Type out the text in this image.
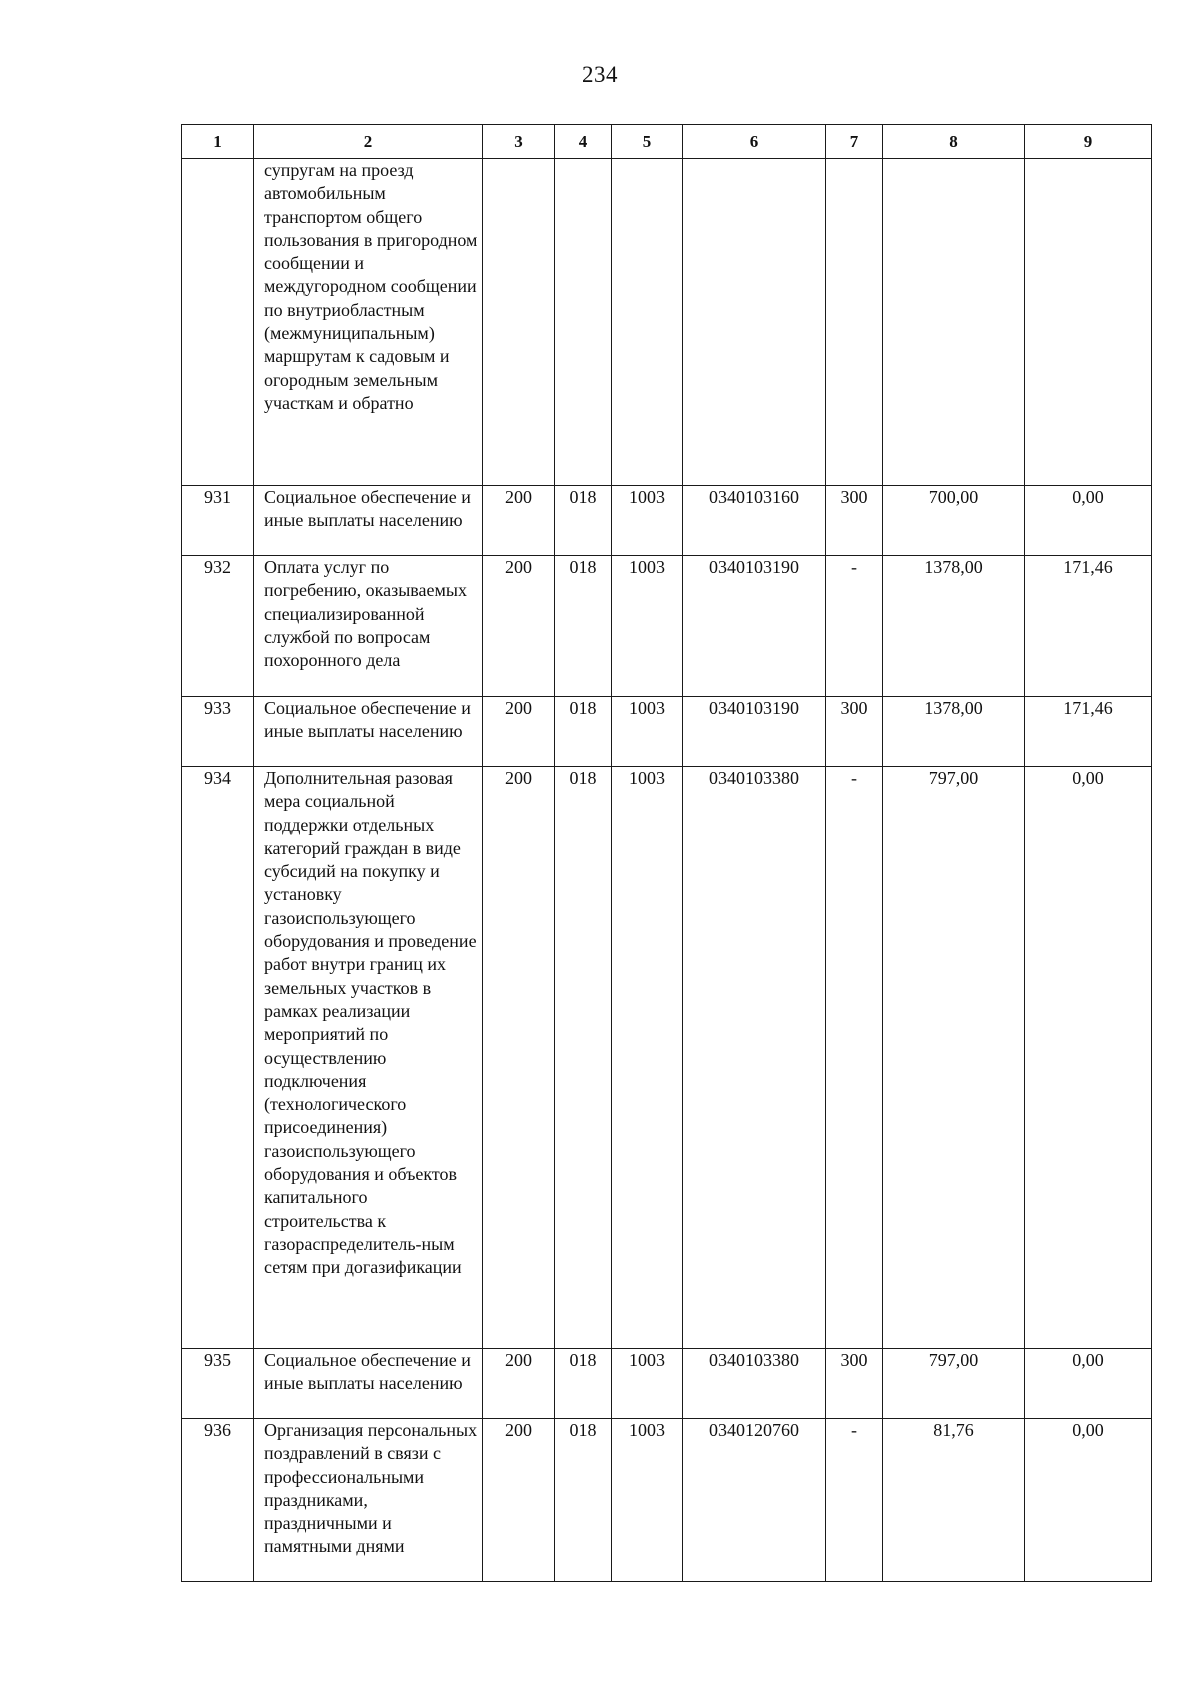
234
1	2	3	4	5	6	7	8	9
	супругам на проезд автомобильным транспортом общего пользования в пригородном сообщении и междугородном сообщении по внутриобластным (межмуниципальным) маршрутам к садовым и огородным земельным участкам и обратно							
931	Социальное обеспечение и иные выплаты населению	200	018	1003	0340103160	300	700,00	0,00
932	Оплата услуг по погребению, оказываемых специализированной службой по вопросам похоронного дела	200	018	1003	0340103190	-	1378,00	171,46
933	Социальное обеспечение и иные выплаты населению	200	018	1003	0340103190	300	1378,00	171,46
934	Дополнительная разовая мера социальной поддержки отдельных категорий граждан в виде субсидий на покупку и установку газоиспользующего оборудования и проведение работ внутри границ их земельных участков в рамках реализации мероприятий по осуществлению подключения (технологического присоединения) газоиспользующего оборудования и объектов капитального строительства к газораспределитель-ным сетям при догазификации	200	018	1003	0340103380	-	797,00	0,00
935	Социальное обеспечение и иные выплаты населению	200	018	1003	0340103380	300	797,00	0,00
936	Организация персональных поздравлений в связи с профессиональными праздниками, праздничными и памятными днями	200	018	1003	0340120760	-	81,76	0,00
